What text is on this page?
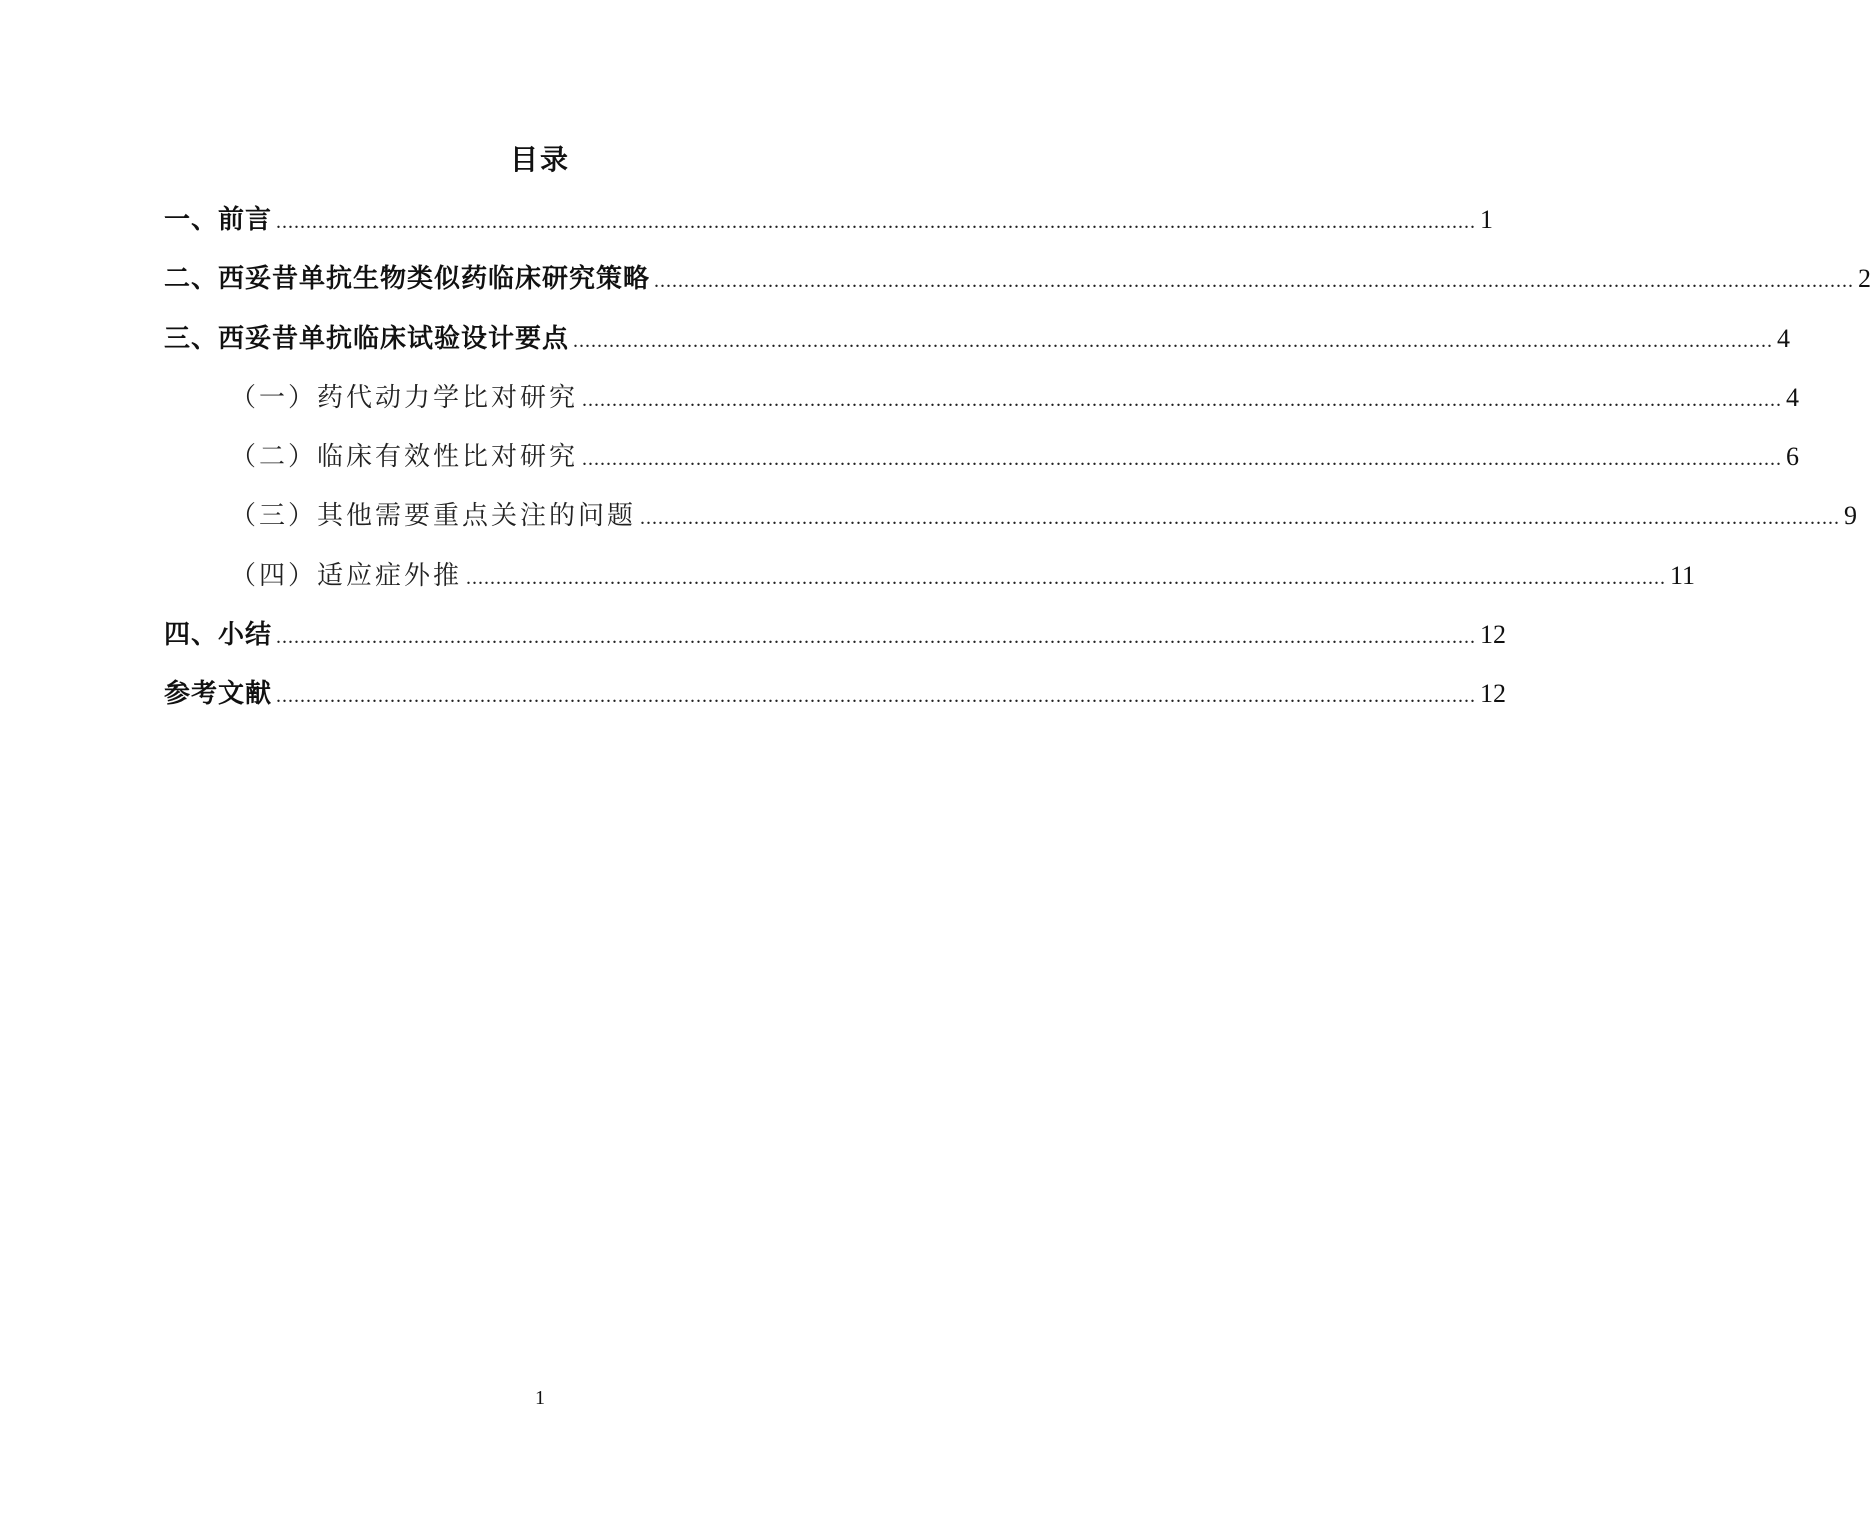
目录
一、前言 ........................................................................................................................................................................................................ 1
二、西妥昔单抗生物类似药临床研究策略 ........................................................................................................................................................................................................ 2
三、西妥昔单抗临床试验设计要点 ........................................................................................................................................................................................................ 4
（一）药代动力学比对研究 ........................................................................................................................................................................................................ 4
（二）临床有效性比对研究 ........................................................................................................................................................................................................ 6
（三）其他需要重点关注的问题 ........................................................................................................................................................................................................ 9
（四）适应症外推 ........................................................................................................................................................................................................ 11
四、小结 ........................................................................................................................................................................................................ 12
参考文献 ........................................................................................................................................................................................................ 12
1
